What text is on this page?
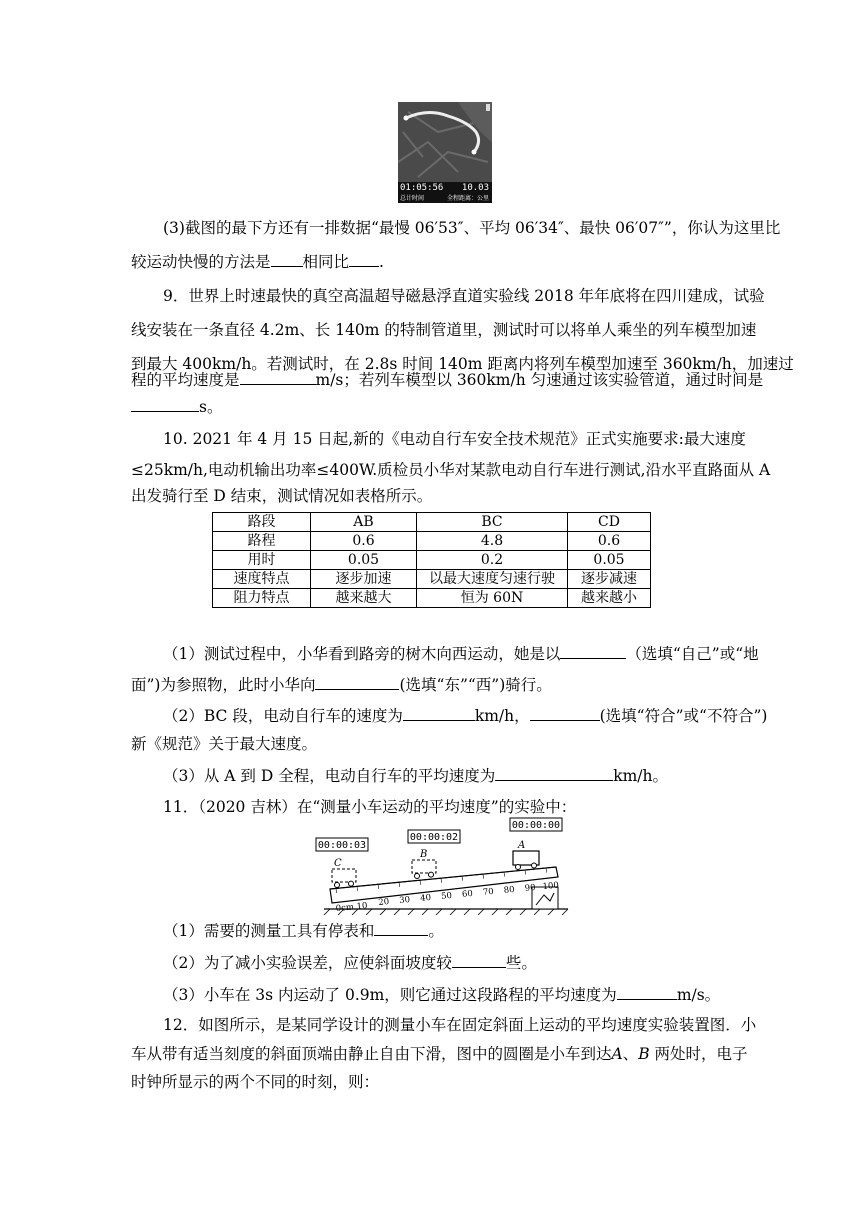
01:05:56 10.03
总计时间	全程距离：公里
(3)截图的最下方还有一排数据“最慢 06′53″、平均 06′34″、最快 06′07″”，你认为这里比
较运动快慢的方法是 相同比 .
9．世界上时速最快的真空高温超导磁悬浮直道实验线 2018 年年底将在四川建成，试验
线安装在一条直径 4.2m、长 140m 的特制管道里，测试时可以将单人乘坐的列车模型加速
到最大 400km/h。若测试时，在 2.8s 时间 140m 距离内将列车模型加速至 360km/h，加速过
程的平均速度是	m/s；若列车模型以 360km/h 匀速通过该实验管道，通过时间是
s。
10. 2021 年 4 月 15 日起,新的《电动自行车安全技术规范》正式实施要求:最大速度
≤25km/h,电动机输出功率≤400W.质检员小华对某款电动自行车进行测试,沿水平直路面从 A
出发骑行至 D 结束，测试情况如表格所示。
路段	AB	BC	CD
路程	0.6	4.8	0.6
用时	0.05	0.2	0.05
速度特点	逐步加速	以最大速度匀速行驶	逐步减速
阻力特点	越来越大	恒为 60N	越来越小
（1）测试过程中，小华看到路旁的树木向西运动，她是以	（选填“自己”或“地
面”)为参照物，此时小华向	(选填“东”“西”)骑行。
（2）BC 段，电动自行车的速度为	km/h，	(选填“符合”或“不符合”)
新《规范》关于最大速度。
（3）从 A 到 D 全程，电动自行车的平均速度为	km/h。
11．（2020 吉林）在“测量小车运动的平均速度”的实验中：
00:00:03
00:00:02
00:00:00
0cm 10 20 30 40 50 60 70 80 90 100
A
B
C
（1）需要的测量工具有停表和	。
（2）为了减小实验误差，应使斜面坡度较	些。
（3）小车在 3s 内运动了 0.9m，则它通过这段路程的平均速度为	m/s。
12．如图所示，是某同学设计的测量小车在固定斜面上运动的平均速度实验装置图．小
车从带有适当刻度的斜面顶端由静止自由下滑，图中的圆圈是小车到达A、B 两处时，电子
时钟所显示的两个不同的时刻，则：
